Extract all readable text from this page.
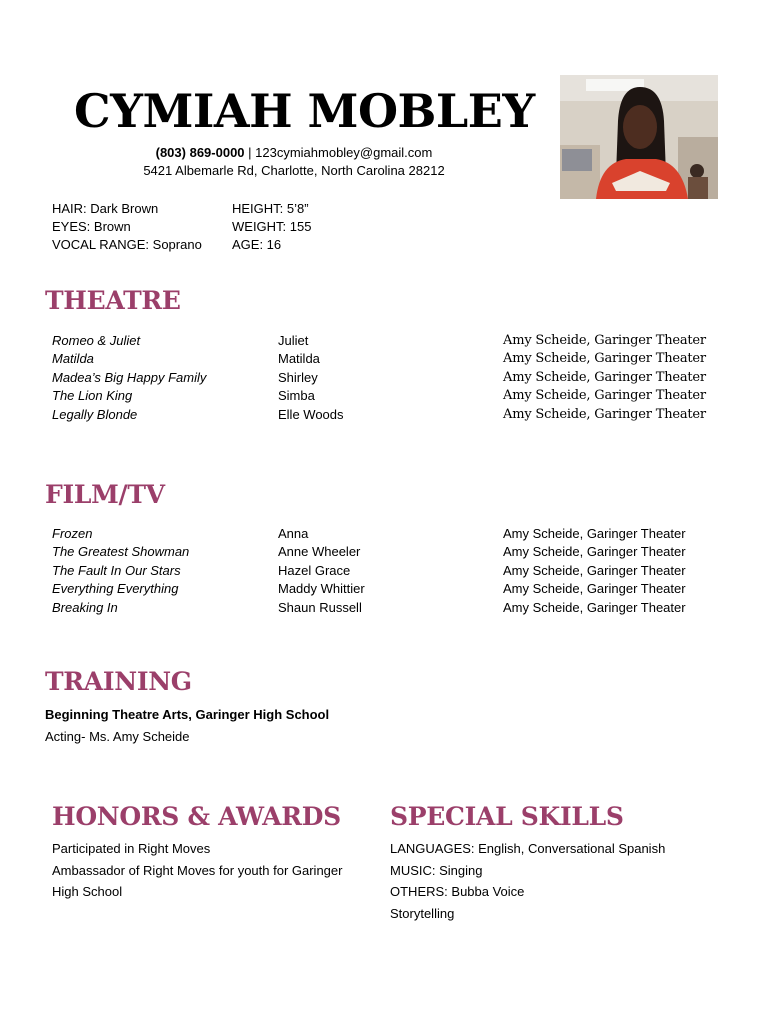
CYMIAH MOBLEY
(803) 869-0000 | 123cymiahmobley@gmail.com
5421 Albemarle Rd, Charlotte, North Carolina 28212
HAIR: Dark Brown
EYES: Brown
VOCAL RANGE: Soprano
HEIGHT: 5’8”
WEIGHT: 155
AGE: 16
THEATRE
Romeo & Juliet	Juliet	Amy Scheide, Garinger Theater
Matilda	Matilda	Amy Scheide, Garinger Theater
Madea’s Big Happy Family	Shirley	Amy Scheide, Garinger Theater
The Lion King	Simba	Amy Scheide, Garinger Theater
Legally Blonde	Elle Woods	Amy Scheide, Garinger Theater
FILM/TV
Frozen	Anna	Amy Scheide, Garinger Theater
The Greatest Showman	Anne Wheeler	Amy Scheide, Garinger Theater
The Fault In Our Stars	Hazel Grace	Amy Scheide, Garinger Theater
Everything Everything	Maddy Whittier	Amy Scheide, Garinger Theater
Breaking In	Shaun Russell	Amy Scheide, Garinger Theater
TRAINING
Beginning Theatre Arts, Garinger High School
Acting- Ms. Amy Scheide
HONORS & AWARDS
Participated in Right Moves
Ambassador of Right Moves for youth for Garinger
High School
SPECIAL SKILLS
LANGUAGES: English, Conversational Spanish
MUSIC: Singing
OTHERS: Bubba Voice
Storytelling
